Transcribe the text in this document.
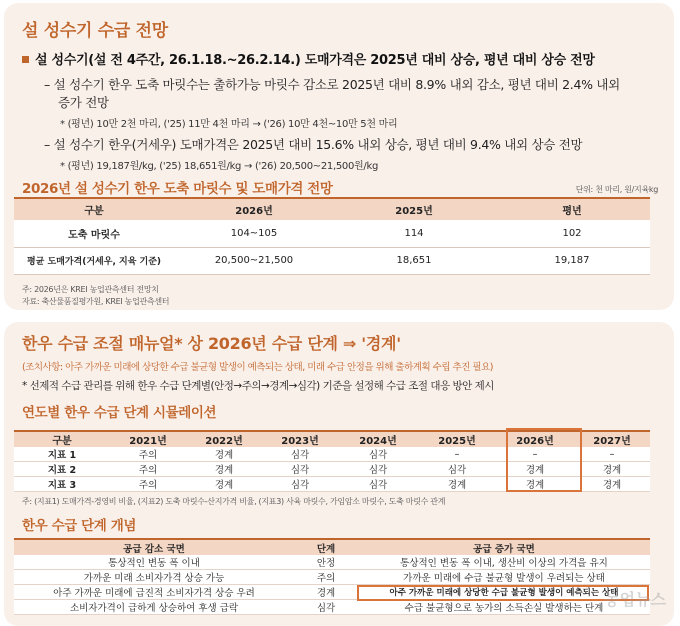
설 성수기 수급 전망
설 성수기(설 전 4주간, 26.1.18.~26.2.14.) 도매가격은 2025년 대비 상승, 평년 대비 상승 전망
– 설 성수기 한우 도축 마릿수는 출하가능 마릿수 감소로 2025년 대비 8.9% 내외 감소, 평년 대비 2.4% 내외
증가 전망
* (평년) 10만 2천 마리, ('25) 11만 4천 마리 → ('26) 10만 4천~10만 5천 마리
– 설 성수기 한우(거세우) 도매가격은 2025년 대비 15.6% 내외 상승, 평년 대비 9.4% 내외 상승 전망
* (평년) 19,187원/kg, ('25) 18,651원/kg → ('26) 20,500~21,500원/kg
2026년 설 성수기 한우 도축 마릿수 및 도매가격 전망	단위: 천 마리, 원/지육kg
주: 2026년은 KREI 농업관측센터 전망치
자료: 축산물품질평가원, KREI 농업관측센터
구분	2026년	2025년	평년
도축 마릿수	104~105	114	102
평균 도매가격(거세우, 지육 기준)	20,500~21,500	18,651	19,187
한우 수급 조절 매뉴얼* 상 2026년 수급 단계 ⇒ '경계'
(조치사항: 아주 가까운 미래에 상당한 수급 불균형 발생이 예측되는 상태, 미래 수급 안정을 위해 출하계획 수립 추진 필요)
* 선제적 수급 관리를 위해 한우 수급 단계별(안정→주의→경계→심각) 기준을 설정해 수급 조절 대응 방안 제시
연도별 한우 수급 단계 시뮬레이션
주: (지표1) 도매가격-경영비 비율, (지표2) 도축 마릿수-산지가격 비율, (지표3) 사육 마릿수, 가임암소 마릿수, 도축 마릿수 관계
한우 수급 단계 개념
구분	2021년	2022년	2023년	2024년	2025년	2026년	2027년
지표 1	주의	경계	심각	심각	–	–	–
지표 2	주의	경계	심각	심각	심각	경계	경계
지표 3	주의	경계	심각	심각	경계	경계	경계
공급 감소 국면	단계	공급 증가 국면
통상적인 변동 폭 이내	안정	통상적인 변동 폭 이내, 생산비 이상의 가격을 유지
가까운 미래 소비자가격 상승 가능	주의	가까운 미래에 수급 불균형 발생이 우려되는 상태
아주 가까운 미래에 급진적 소비자가격 상승 우려	경계	아주 가까운 미래에 상당한 수급 불균형 발생이 예측되는 상태
소비자가격이 급하게 상승하여 후생 급락	심각	수급 불균형으로 농가의 소득손실 발생하는 단계 농업뉴스
